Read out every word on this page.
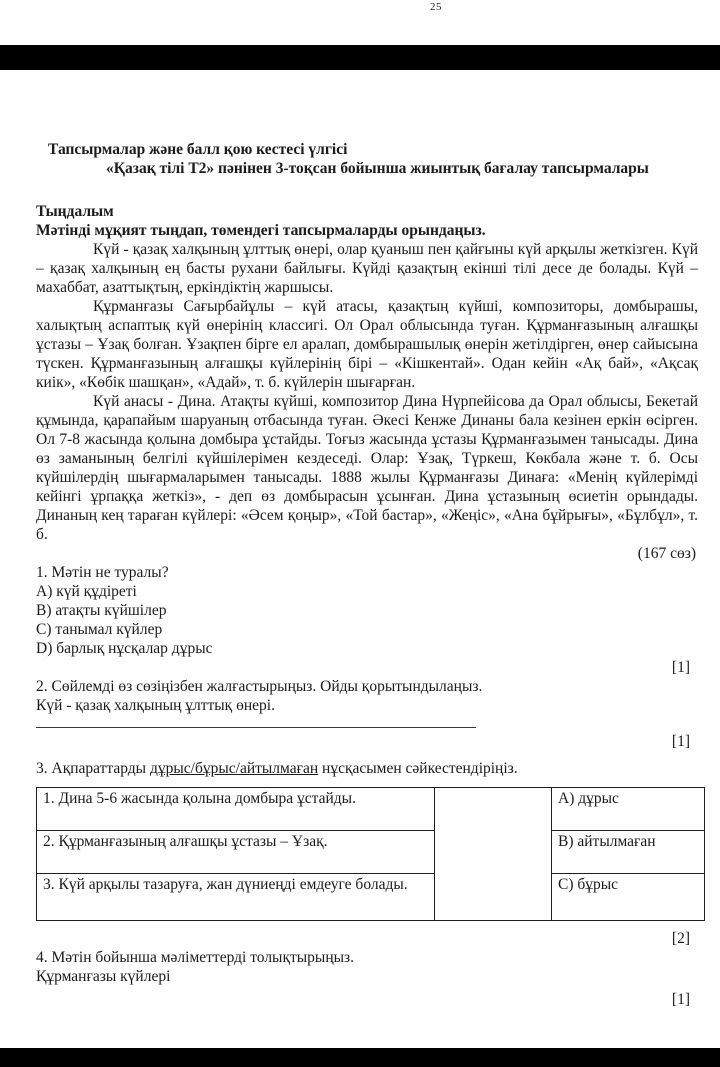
25
Тапсырмалар және балл қою кестесі үлгісі
«Қазақ тілі Т2» пәнінен 3-тоқсан бойынша жиынтық бағалау тапсырмалары
Тыңдалым
Мәтінді мұқият тыңдап, төмендегі тапсырмаларды орындаңыз.

Күй - қазақ халқының ұлттық өнері, олар қуаныш пен қайғыны күй арқылы жеткізген. Күй – қазақ халқының ең басты рухани байлығы. Күйді қазақтың екінші тілі десе де болады. Күй – махаббат, азаттықтың, еркіндіктің жаршысы.

Құрманғазы Сағырбайұлы – күй атасы, қазақтың күйші, композиторы, домбырашы, халықтың аспаптық күй өнерінің классигі. Ол Орал облысында туған. Құрманғазының алғашқы ұстазы – Ұзақ болған. Ұзақпен бірге ел аралап, домбырашылық өнерін жетілдірген, өнер сайысына түскен. Құрманғазының алғашқы күйлерінің бірі – «Кішкентай». Одан кейін «Ақ бай», «Ақсақ киік», «Көбік шашқан», «Адай», т. б. күйлерін шығарған.

Күй анасы - Дина. Атақты күйші, композитор Дина Нүрпейісова да Орал облысы, Бекетай құмында, қарапайым шаруаның отбасында туған. Әкесі Кенже Динаны бала кезінен еркін өсірген. Ол 7-8 жасында қолына домбыра ұстайды. Тоғыз жасында ұстазы Құрманғазымен танысады. Дина өз заманының белгілі күйшілерімен кездеседі. Олар: Ұзақ, Түркеш, Көкбала және т. б. Осы күйшілердің шығармаларымен танысады. 1888 жылы Құрманғазы Динаға: «Менің күйлерімді кейінгі ұрпаққа жеткіз», - деп өз домбырасын ұсынған. Дина ұстазының өсиетін орындады. Динаның кең тараған күйлері: «Әсем қоңыр», «Той бастар», «Жеңіс», «Ана бұйрығы», «Бұлбұл», т. б.

(167 сөз)
1. Мәтін не туралы?
А) күй құдіреті
В) атақты күйшілер
С) танымал күйлер
D) барлық нұсқалар дұрыс
[1]
2. Сөйлемді өз сөзіңізбен жалғастырыңыз. Ойды қорытындылаңыз.
Күй - қазақ халқының ұлттық өнері.
[1]
3. Ақпараттарды дұрыс/бұрыс/айтылмаған нұсқасымен сәйкестендіріңіз.
1. Дина 5-6 жасында қолына домбыра ұстайды.		А) дұрыс
2. Құрманғазының алғашқы ұстазы – Ұзақ.		В) айтылмаған
3. Күй арқылы тазаруға, жан дүниеңді емдеуге болады.		С) бұрыс
[2]
4. Мәтін бойынша мәліметтерді толықтырыңыз.
Құрманғазы күйлері
[1]
